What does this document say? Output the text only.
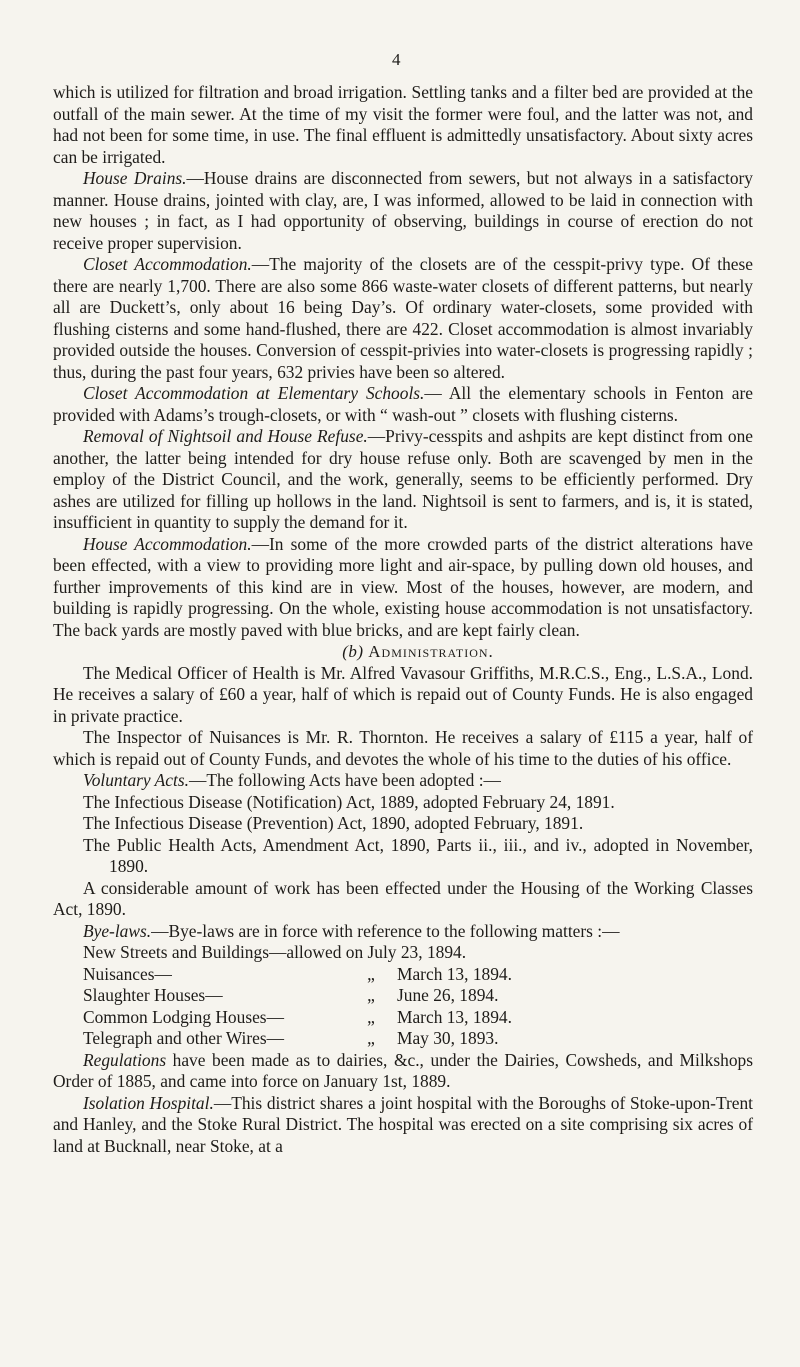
4

which is utilized for filtration and broad irrigation. Settling tanks and a filter bed are provided at the outfall of the main sewer. At the time of my visit the former were foul, and the latter was not, and had not been for some time, in use. The final effluent is admittedly unsatisfactory. About sixty acres can be irrigated.

House Drains.—House drains are disconnected from sewers, but not always in a satisfactory manner. House drains, jointed with clay, are, I was informed, allowed to be laid in connection with new houses ; in fact, as I had opportunity of observing, buildings in course of erection do not receive proper supervision.

Closet Accommodation.—The majority of the closets are of the cesspit-privy type. Of these there are nearly 1,700. There are also some 866 waste-water closets of different patterns, but nearly all are Duckett’s, only about 16 being Day’s. Of ordinary water-closets, some provided with flushing cisterns and some hand-flushed, there are 422. Closet accommodation is almost invariably provided outside the houses. Conversion of cesspit-privies into water-closets is progressing rapidly ; thus, during the past four years, 632 privies have been so altered.

Closet Accommodation at Elementary Schools.— All the elementary schools in Fenton are provided with Adams’s trough-closets, or with “ wash-out ” closets with flushing cisterns.

Removal of Nightsoil and House Refuse.—Privy-cesspits and ashpits are kept distinct from one another, the latter being intended for dry house refuse only. Both are scavenged by men in the employ of the District Council, and the work, generally, seems to be efficiently performed. Dry ashes are utilized for filling up hollows in the land. Nightsoil is sent to farmers, and is, it is stated, insufficient in quantity to supply the demand for it.

House Accommodation.—In some of the more crowded parts of the district alterations have been effected, with a view to providing more light and air-space, by pulling down old houses, and further improvements of this kind are in view. Most of the houses, however, are modern, and building is rapidly progressing. On the whole, existing house accommodation is not unsatisfactory. The back yards are mostly paved with blue bricks, and are kept fairly clean.

(b) Administration.

The Medical Officer of Health is Mr. Alfred Vavasour Griffiths, M.R.C.S., Eng., L.S.A., Lond. He receives a salary of £60 a year, half of which is repaid out of County Funds. He is also engaged in private practice.

The Inspector of Nuisances is Mr. R. Thornton. He receives a salary of £115 a year, half of which is repaid out of County Funds, and devotes the whole of his time to the duties of his office.

Voluntary Acts.—The following Acts have been adopted :—

The Infectious Disease (Notification) Act, 1889, adopted February 24, 1891.

The Infectious Disease (Prevention) Act, 1890, adopted February, 1891.

The Public Health Acts, Amendment Act, 1890, Parts ii., iii., and iv., adopted in November, 1890.

A considerable amount of work has been effected under the Housing of the Working Classes Act, 1890.

Bye-laws.—Bye-laws are in force with reference to the following matters :—

New Streets and Buildings—allowed on
July 23, 1894.
Nuisances—	„	March 13, 1894.
Slaughter Houses—	„	June 26, 1894.
Common Lodging Houses—	„	March 13, 1894.
Telegraph and other Wires—	„	May 30, 1893.

Regulations have been made as to dairies, &c., under the Dairies, Cowsheds, and Milkshops Order of 1885, and came into force on January 1st, 1889.

Isolation Hospital.—This district shares a joint hospital with the Boroughs of Stoke-upon-Trent and Hanley, and the Stoke Rural District. The hospital was erected on a site comprising six acres of land at Bucknall, near Stoke, at a
